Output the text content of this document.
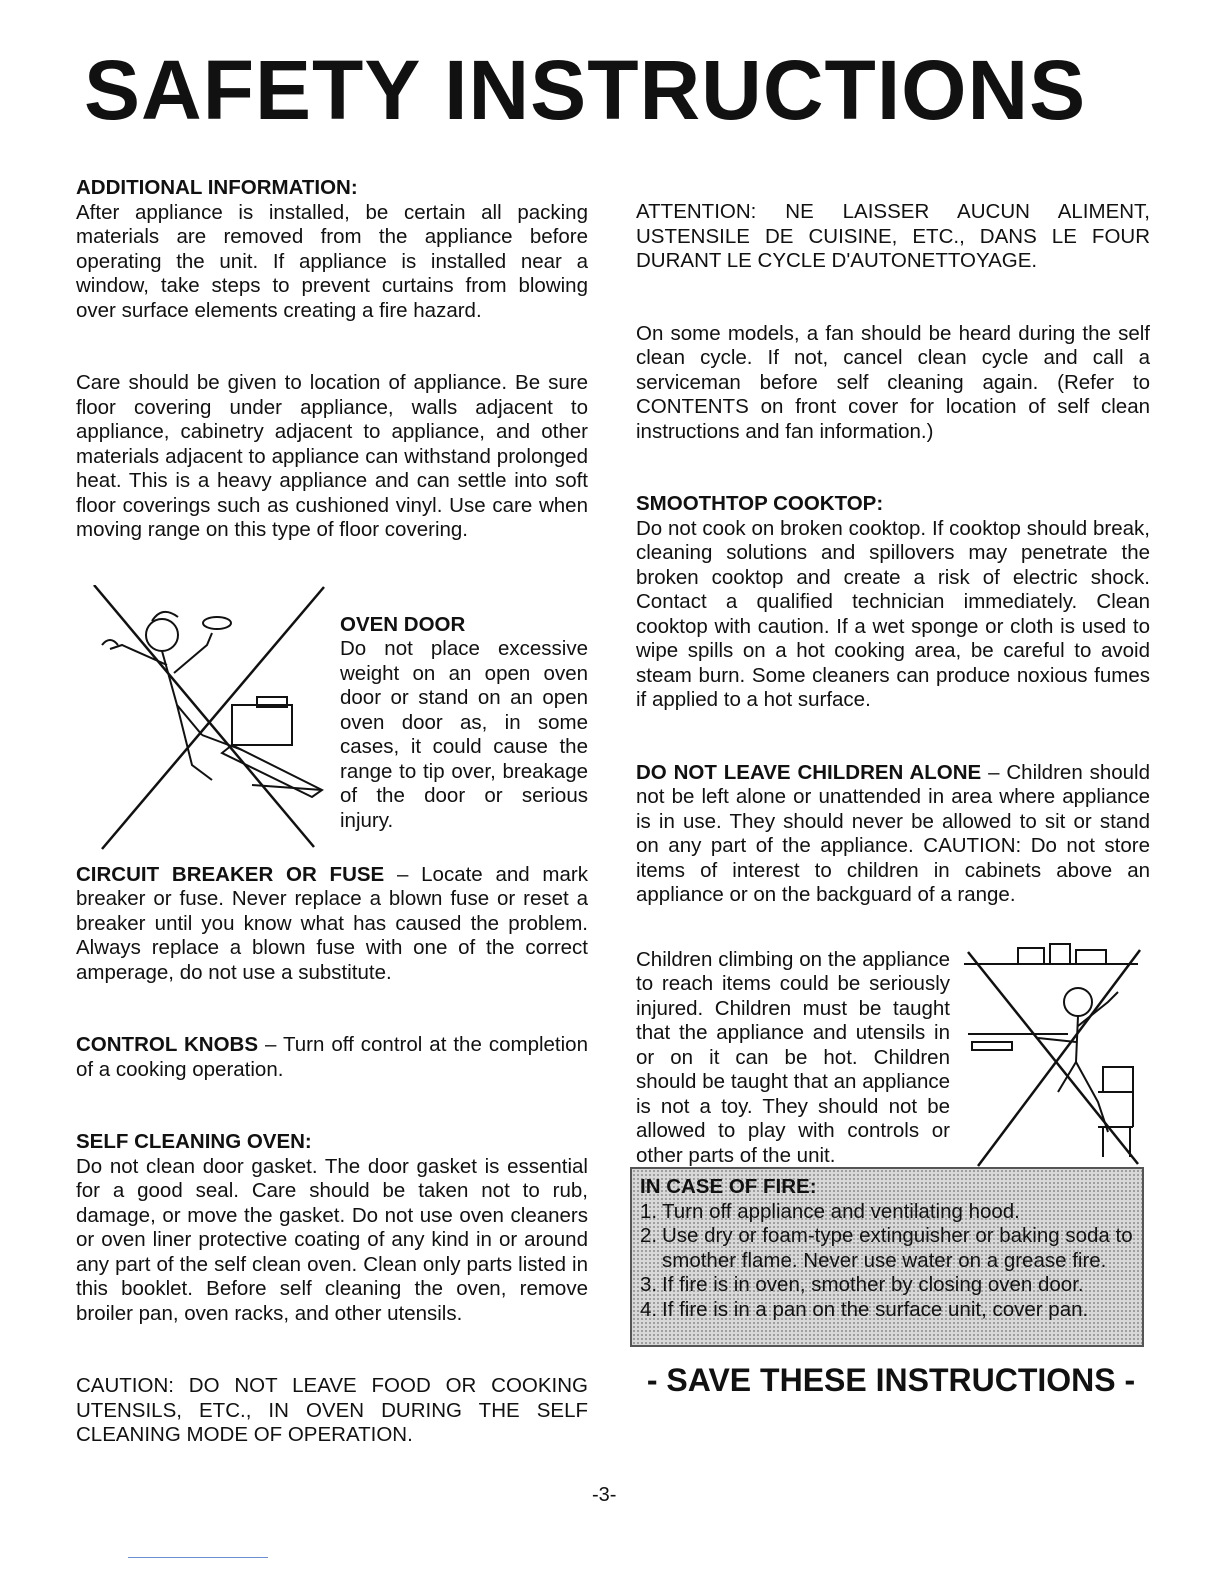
SAFETY INSTRUCTIONS

ADDITIONAL INFORMATION:

After appliance is installed, be certain all packing materials are removed from the appliance before operating the unit. If appliance is installed near a window, take steps to prevent curtains from blowing over surface elements creating a fire hazard.

Care should be given to location of appliance. Be sure floor covering under appliance, walls adjacent to appliance, cabinetry adjacent to appliance, and other materials adjacent to appliance can withstand prolonged heat. This is a heavy appliance and can settle into soft floor coverings such as cushioned vinyl. Use care when moving range on this type of floor covering.

OVEN DOOR

Do not place excessive weight on an open oven door or stand on an open oven door as, in some cases, it could cause the range to tip over, breakage of the door or serious injury.

CIRCUIT BREAKER OR FUSE – Locate and mark breaker or fuse. Never replace a blown fuse or reset a breaker until you know what has caused the problem. Always replace a blown fuse with one of the correct amperage, do not use a substitute.

CONTROL KNOBS – Turn off control at the completion of a cooking operation.

SELF CLEANING OVEN:

Do not clean door gasket. The door gasket is essential for a good seal. Care should be taken not to rub, damage, or move the gasket. Do not use oven cleaners or oven liner protective coating of any kind in or around any part of the self clean oven. Clean only parts listed in this booklet. Before self cleaning the oven, remove broiler pan, oven racks, and other utensils.

CAUTION: DO NOT LEAVE FOOD OR COOKING UTENSILS, ETC., IN OVEN DURING THE SELF CLEANING MODE OF OPERATION.

ATTENTION: NE LAISSER AUCUN ALIMENT, USTENSILE DE CUISINE, ETC., DANS LE FOUR DURANT LE CYCLE D'AUTONETTOYAGE.

On some models, a fan should be heard during the self clean cycle. If not, cancel clean cycle and call a serviceman before self cleaning again. (Refer to CONTENTS on front cover for location of self clean instructions and fan information.)

SMOOTHTOP COOKTOP:

Do not cook on broken cooktop. If cooktop should break, cleaning solutions and spillovers may penetrate the broken cooktop and create a risk of electric shock. Contact a qualified technician immediately. Clean cooktop with caution. If a wet sponge or cloth is used to wipe spills on a hot cooking area, be careful to avoid steam burn. Some cleaners can produce noxious fumes if applied to a hot surface.

DO NOT LEAVE CHILDREN ALONE – Children should not be left alone or unattended in area where appliance is in use. They should never be allowed to sit or stand on any part of the appliance. CAUTION: Do not store items of interest to children in cabinets above an appliance or on the backguard of a range.

Children climbing on the appliance to reach items could be seriously injured. Children must be taught that the appliance and utensils in or on it can be hot. Children should be taught that an appliance is not a toy. They should not be allowed to play with controls or other parts of the unit.

IN CASE OF FIRE:
1. Turn off appliance and ventilating hood.
2. Use dry or foam-type extinguisher or baking soda to smother flame. Never use water on a grease fire.
3. If fire is in oven, smother by closing oven door.
4. If fire is in a pan on the surface unit, cover pan.
- SAVE THESE INSTRUCTIONS -
-3-
